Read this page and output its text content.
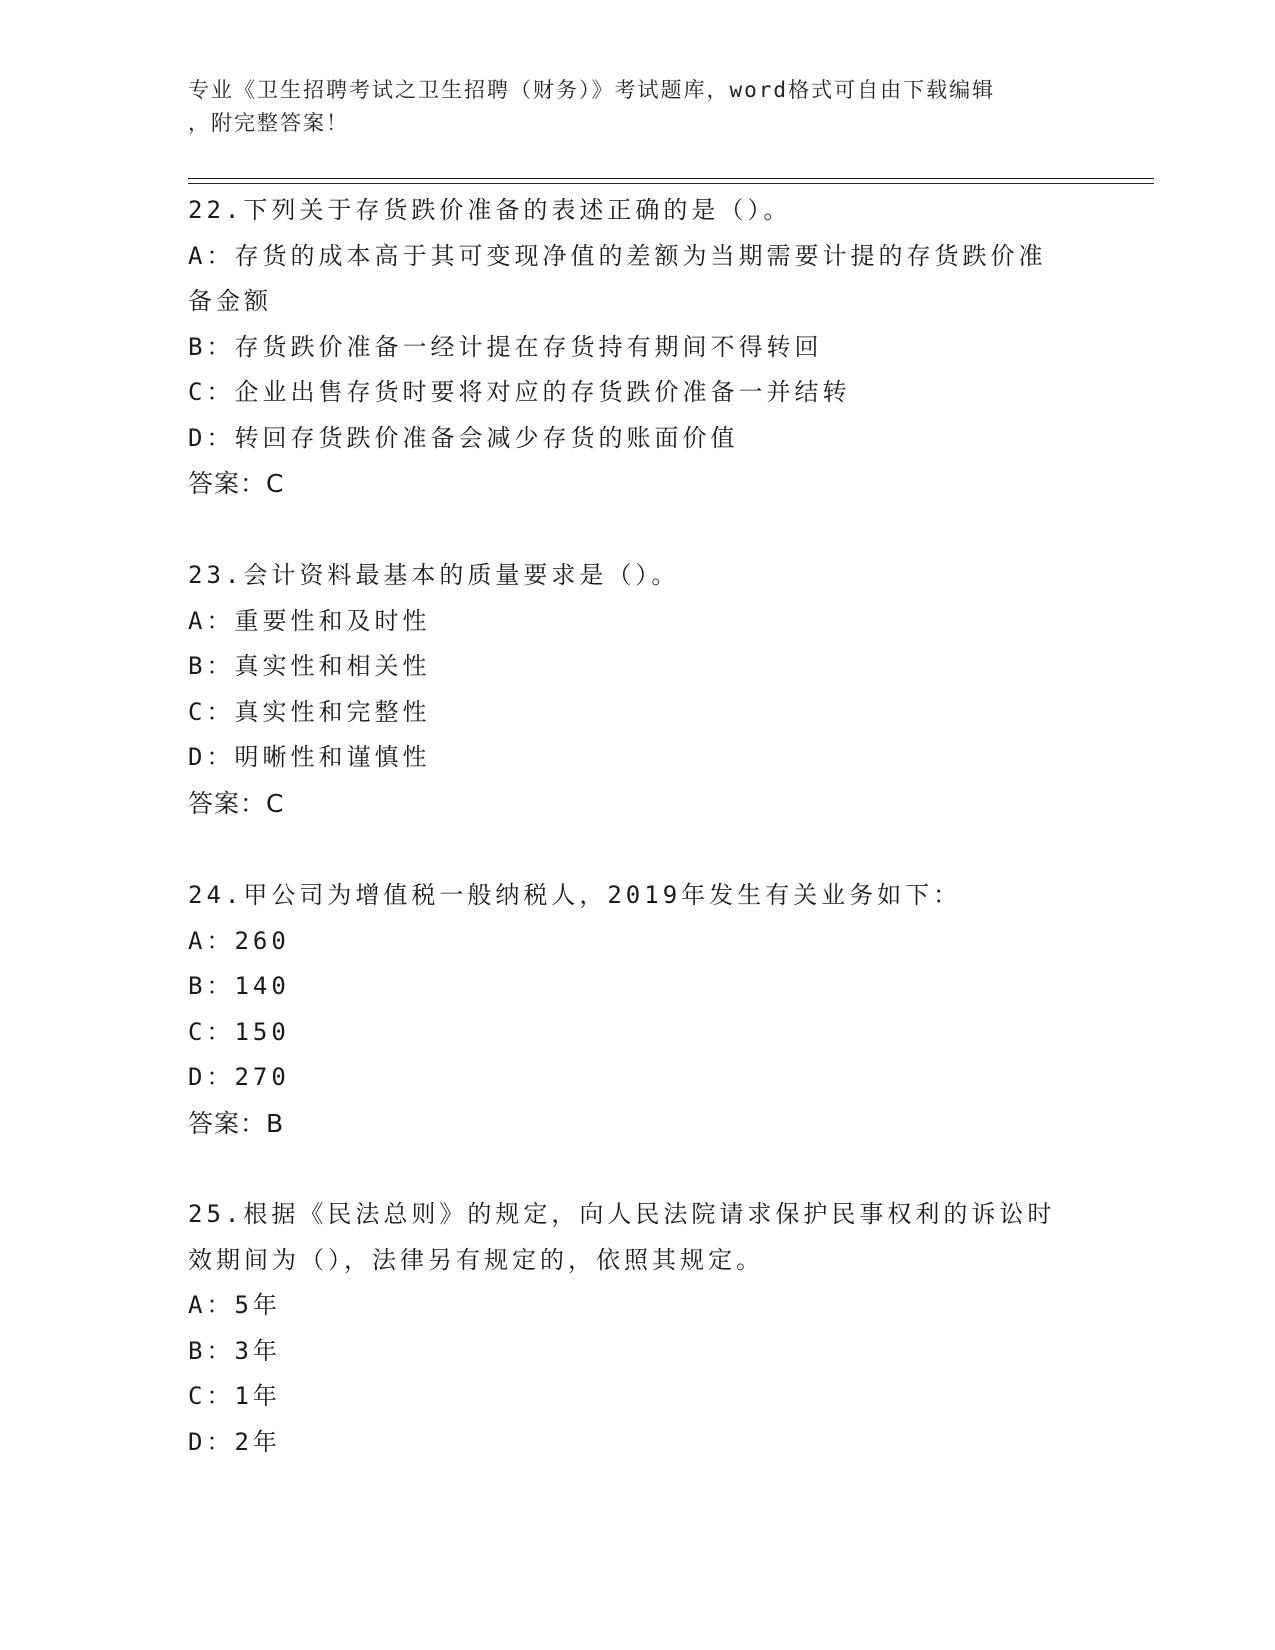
专业《卫生招聘考试之卫生招聘（财务）》考试题库，word格式可自由下载编辑
，附完整答案！
22.下列关于存货跌价准备的表述正确的是（）。
A：存货的成本高于其可变现净值的差额为当期需要计提的存货跌价准备金额
B：存货跌价准备一经计提在存货持有期间不得转回
C：企业出售存货时要将对应的存货跌价准备一并结转
D：转回存货跌价准备会减少存货的账面价值
答案：C
23.会计资料最基本的质量要求是（）。
A：重要性和及时性
B：真实性和相关性
C：真实性和完整性
D：明晰性和谨慎性
答案：C
24.甲公司为增值税一般纳税人，2019年发生有关业务如下：
A：260
B：140
C：150
D：270
答案：B
25.根据《民法总则》的规定，向人民法院请求保护民事权利的诉讼时效期间为（），法律另有规定的，依照其规定。
A：5年
B：3年
C：1年
D：2年
